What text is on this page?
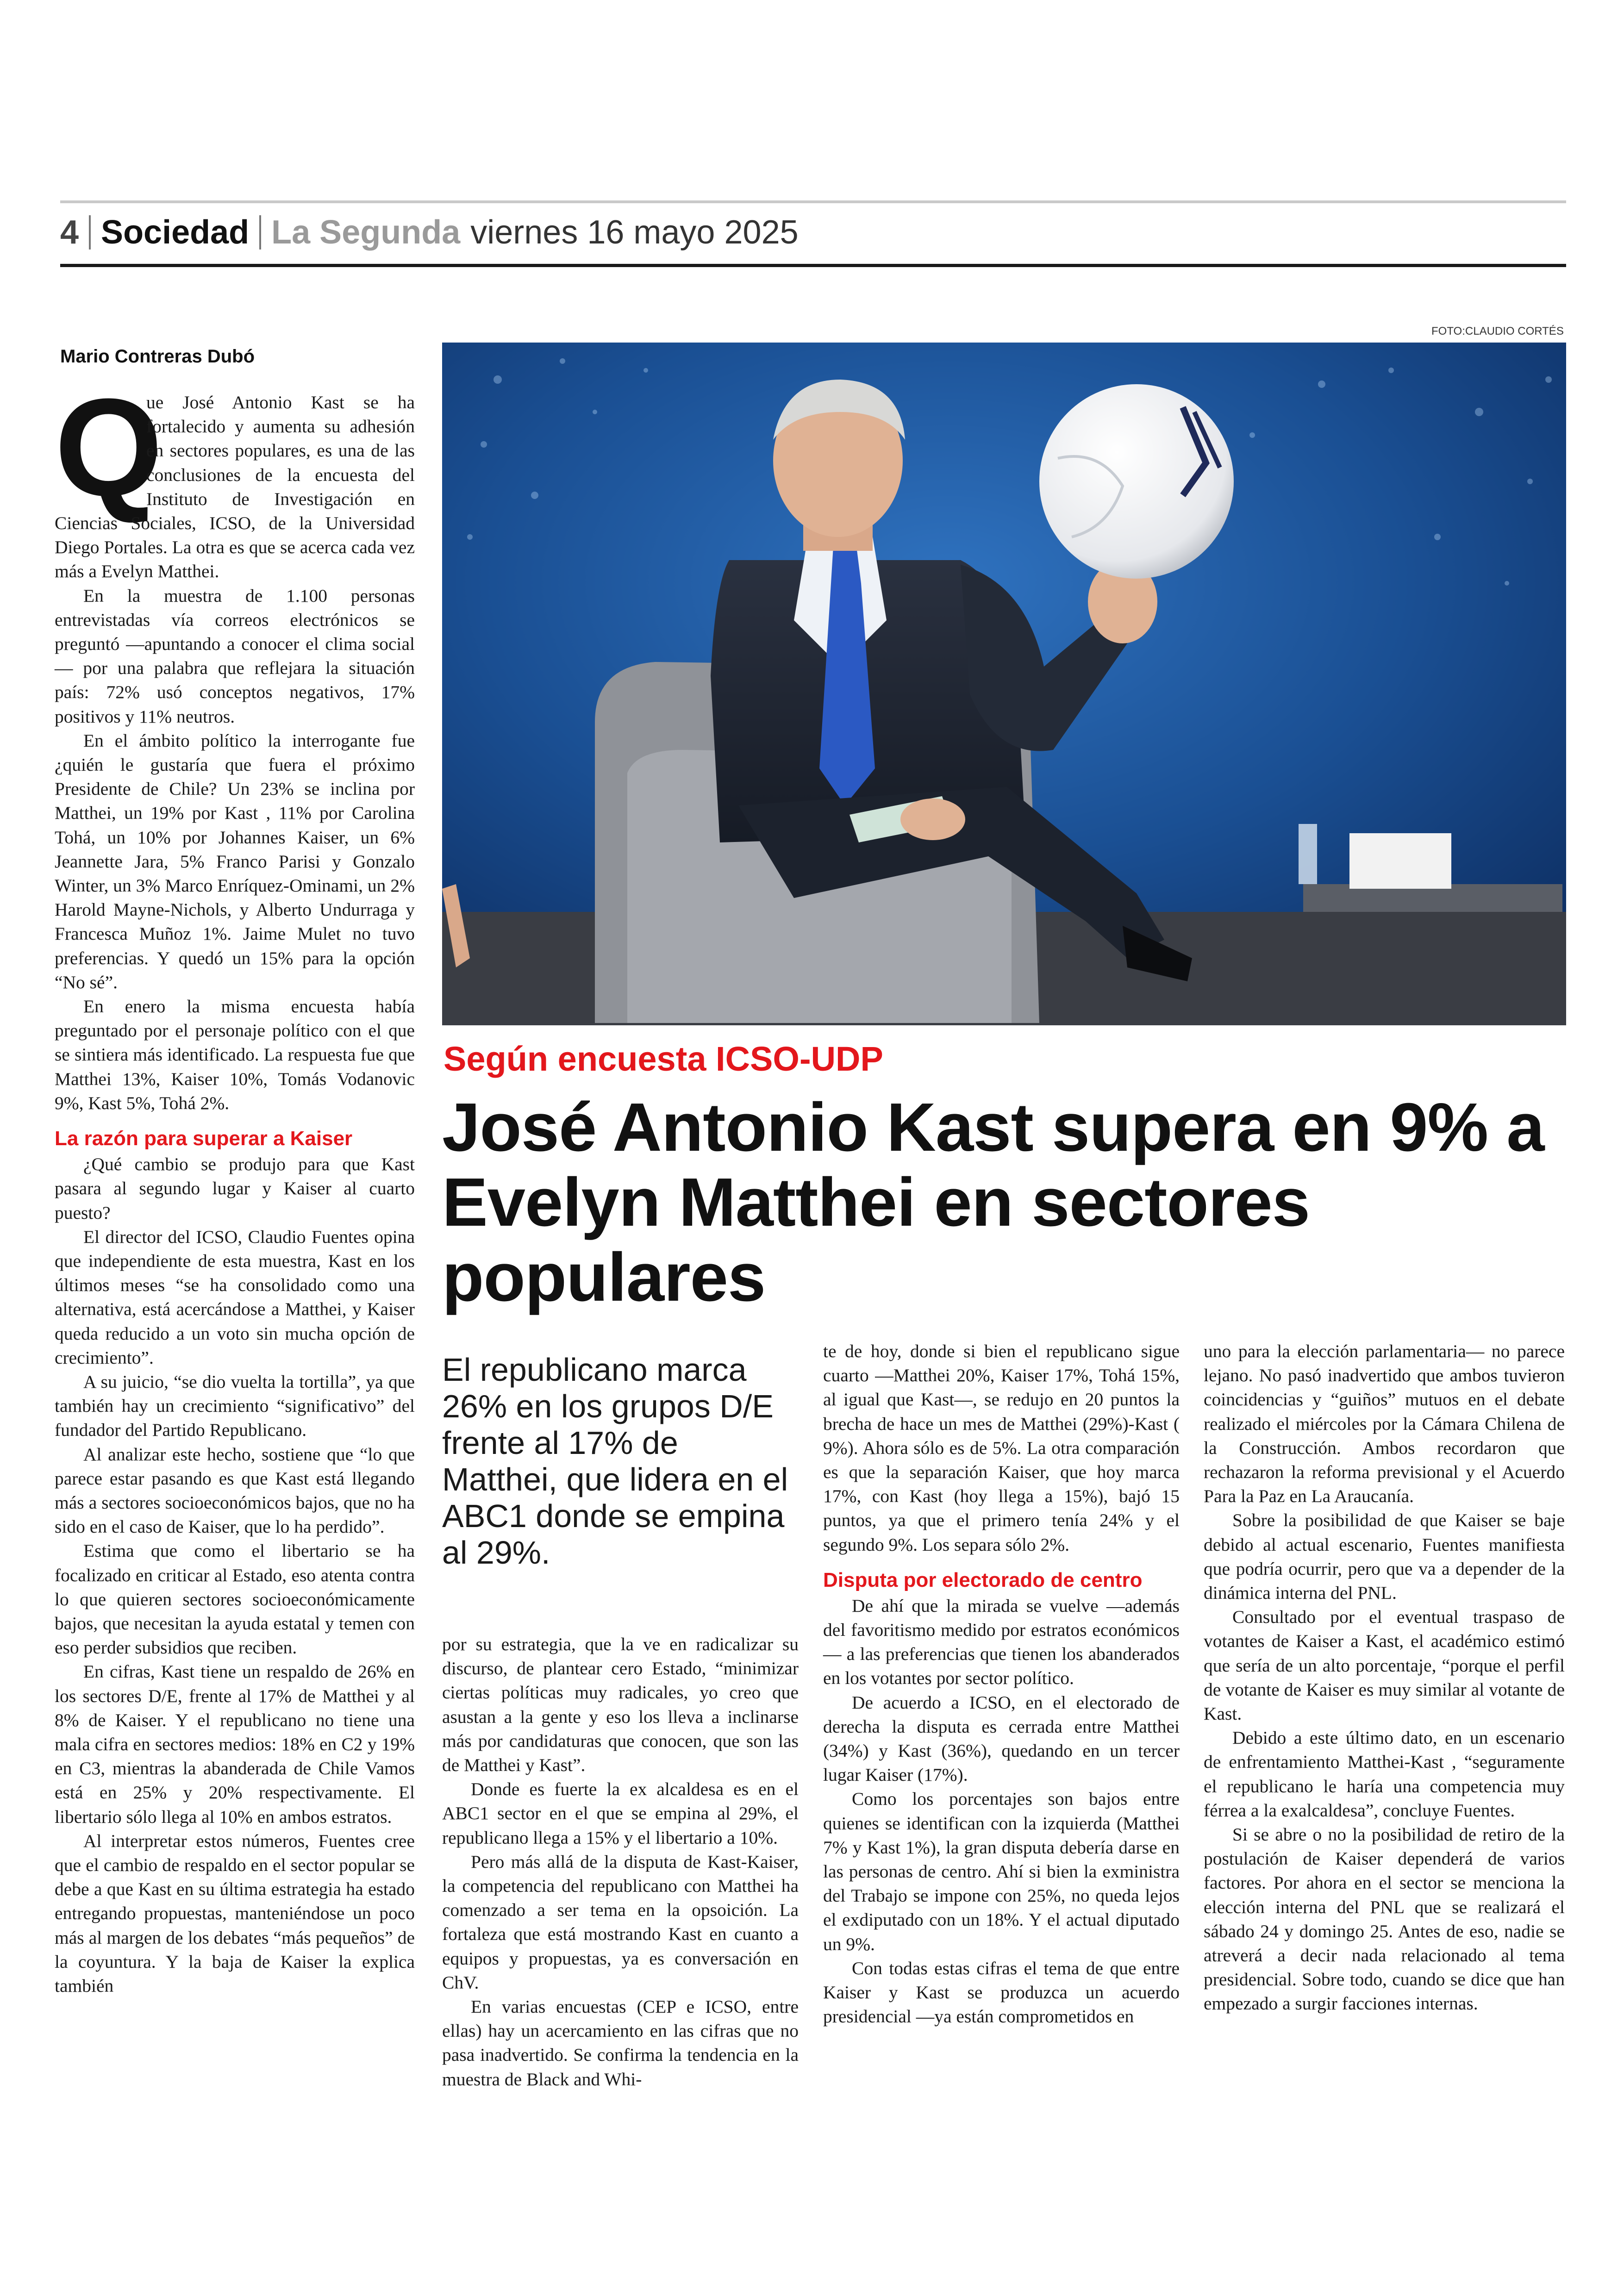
4 Sociedad La Segunda viernes 16 mayo 2025
Mario Contreras Dubó
FOTO:CLAUDIO CORTÉS
Según encuesta ICSO-UDP
José Antonio Kast supera en 9% a Evelyn Matthei en sectores populares
El republicano marca 26% en los grupos D/E frente al 17% de Matthei, que lidera en el ABC1 donde se empina al 29%.
Q

ue José Antonio Kast se ha fortalecido y aumenta su adhesión en sectores populares, es una de las conclusiones de la encuesta del Instituto de Investigación en Ciencias Sociales, ICSO, de la Universidad Diego Portales. La otra es que se acerca cada vez más a Evelyn Matthei.

En la muestra de 1.100 personas entrevistadas vía correos electrónicos se preguntó —apuntando a conocer el clima social— por una palabra que reflejara la situación país: 72% usó conceptos negativos, 17% positivos y 11% neutros.

En el ámbito político la interrogante fue ¿quién le gustaría que fuera el próximo Presidente de Chile? Un 23% se inclina por Matthei, un 19% por Kast , 11% por Carolina Tohá, un 10% por Johannes Kaiser, un 6% Jeannette Jara, 5% Franco Parisi y Gonzalo Winter, un 3% Marco Enríquez-Ominami, un 2% Harold Mayne-Nichols, y Alberto Undurraga y Francesca Muñoz 1%. Jaime Mulet no tuvo preferencias. Y quedó un 15% para la opción “No sé”.

En enero la misma encuesta había preguntado por el personaje político con el que se sintiera más identificado. La respuesta fue que Matthei 13%, Kaiser 10%, Tomás Vodanovic 9%, Kast 5%, Tohá 2%.

La razón para superar a Kaiser

¿Qué cambio se produjo para que Kast pasara al segundo lugar y Kaiser al cuarto puesto?

El director del ICSO, Claudio Fuentes opina que independiente de esta muestra, Kast en los últimos meses “se ha consolidado como una alternativa, está acercándose a Matthei, y Kaiser queda reducido a un voto sin mucha opción de crecimiento”.

A su juicio, “se dio vuelta la tortilla”, ya que también hay un crecimiento “significativo” del fundador del Partido Republicano.

Al analizar este hecho, sostiene que “lo que parece estar pasando es que Kast está llegando más a sectores socioeconómicos bajos, que no ha sido en el caso de Kaiser, que lo ha perdido”.

Estima que como el libertario se ha focalizado en criticar al Estado, eso atenta contra lo que quieren sectores socioeconómicamente bajos, que necesitan la ayuda estatal y temen con eso perder subsidios que reciben.

En cifras, Kast tiene un respaldo de 26% en los sectores D/E, frente al 17% de Matthei y al 8% de Kaiser. Y el republicano no tiene una mala cifra en sectores medios: 18% en C2 y 19% en C3, mientras la abanderada de Chile Vamos está en 25% y 20% respectivamente. El libertario sólo llega al 10% en ambos estratos.

Al interpretar estos números, Fuentes cree que el cambio de respaldo en el sector popular se debe a que Kast en su última estrategia ha estado entregando propuestas, manteniéndose un poco más al margen de los debates “más pequeños” de la coyuntura. Y la baja de Kaiser la explica también

por su estrategia, que la ve en radicalizar su discurso, de plantear cero Estado, “minimizar ciertas políticas muy radicales, yo creo que asustan a la gente y eso los lleva a inclinarse más por candidaturas que conocen, que son las de Matthei y Kast”.

Donde es fuerte la ex alcaldesa es en el ABC1 sector en el que se empina al 29%, el republicano llega a 15% y el libertario a 10%.

Pero más allá de la disputa de Kast-Kaiser, la competencia del republicano con Matthei ha comenzado a ser tema en la opsoición. La fortaleza que está mostrando Kast en cuanto a equipos y propuestas, ya es conversación en ChV.

En varias encuestas (CEP e ICSO, entre ellas) hay un acercamiento en las cifras que no pasa inadvertido. Se confirma la tendencia en la muestra de Black and Whi-

te de hoy, donde si bien el republicano sigue cuarto —Matthei 20%, Kaiser 17%, Tohá 15%, al igual que Kast—, se redujo en 20 puntos la brecha de hace un mes de Matthei (29%)-Kast ( 9%). Ahora sólo es de 5%. La otra comparación es que la separación Kaiser, que hoy marca 17%, con Kast (hoy llega a 15%), bajó 15 puntos, ya que el primero tenía 24% y el segundo 9%. Los separa sólo 2%.

Disputa por electorado de centro

De ahí que la mirada se vuelve —además del favoritismo medido por estratos económicos— a las preferencias que tienen los abanderados en los votantes por sector político.

De acuerdo a ICSO, en el electorado de derecha la disputa es cerrada entre Matthei (34%) y Kast (36%), quedando en un tercer lugar Kaiser (17%).

Como los porcentajes son bajos entre quienes se identifican con la izquierda (Matthei 7% y Kast 1%), la gran disputa debería darse en las personas de centro. Ahí si bien la exministra del Trabajo se impone con 25%, no queda lejos el exdiputado con un 18%. Y el actual diputado un 9%.

Con todas estas cifras el tema de que entre Kaiser y Kast se produzca un acuerdo presidencial —ya están comprometidos en

uno para la elección parlamentaria— no parece lejano. No pasó inadvertido que ambos tuvieron coincidencias y “guiños” mutuos en el debate realizado el miércoles por la Cámara Chilena de la Construcción. Ambos recordaron que rechazaron la reforma previsional y el Acuerdo Para la Paz en La Araucanía.

Sobre la posibilidad de que Kaiser se baje debido al actual escenario, Fuentes manifiesta que podría ocurrir, pero que va a depender de la dinámica interna del PNL.

Consultado por el eventual traspaso de votantes de Kaiser a Kast, el académico estimó que sería de un alto porcentaje, “porque el perfil de votante de Kaiser es muy similar al votante de Kast.

Debido a este último dato, en un escenario de enfrentamiento Matthei-Kast , “seguramente el republicano le haría una competencia muy férrea a la exalcaldesa”, concluye Fuentes.

Si se abre o no la posibilidad de retiro de la postulación de Kaiser dependerá de varios factores. Por ahora en el sector se menciona la elección interna del PNL que se realizará el sábado 24 y domingo 25. Antes de eso, nadie se atreverá a decir nada relacionado al tema presidencial. Sobre todo, cuando se dice que han empezado a surgir facciones internas.
